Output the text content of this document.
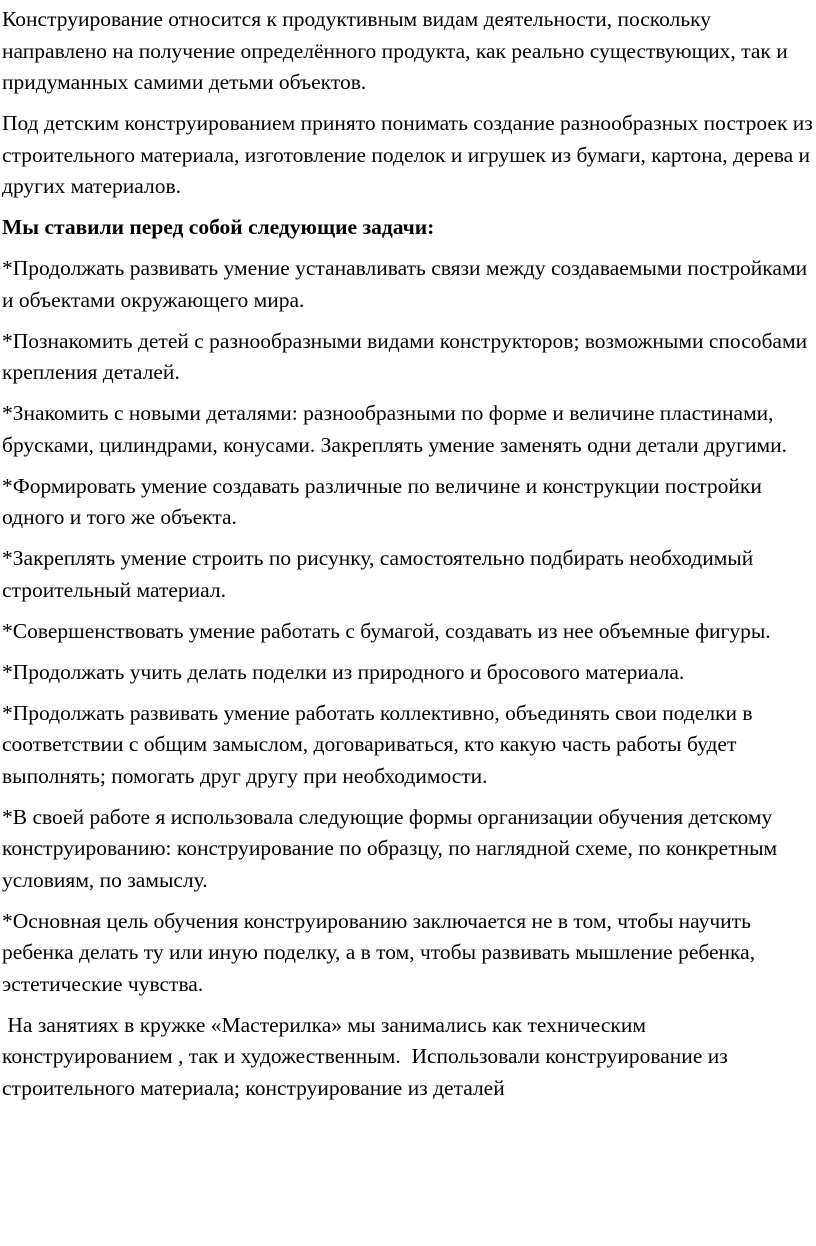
Конструирование относится к продуктивным видам деятельности, поскольку направлено на получение определённого продукта, как реально существующих, так и придуманных самими детьми объектов.

Под детским конструированием принято понимать создание разнообразных построек из строительного материала, изготовление поделок и игрушек из бумаги, картона, дерева и других материалов.

Мы ставили перед собой следующие задачи:

*Продолжать развивать умение устанавливать связи между создаваемыми постройками и объектами окружающего мира.

*Познакомить детей с разнообразными видами конструкторов; возможными способами крепления деталей.

*Знакомить с новыми деталями: разнообразными по форме и величине пластинами, брусками, цилиндрами, конусами. Закреплять умение заменять одни детали другими.

*Формировать умение создавать различные по величине и конструкции постройки одного и того же объекта.

*Закреплять умение строить по рисунку, самостоятельно подбирать необходимый строительный материал.

*Совершенствовать умение работать с бумагой, создавать из нее объемные фигуры.

*Продолжать учить делать поделки из природного и бросового материала.

*Продолжать развивать умение работать коллективно, объединять свои поделки в соответствии с общим замыслом, договариваться, кто какую часть работы будет выполнять; помогать друг другу при необходимости.

*В своей работе я использовала следующие формы организации обучения детскому конструированию: конструирование по образцу, по наглядной схеме, по конкретным условиям, по замыслу.

*Основная цель обучения конструированию заключается не в том, чтобы научить ребенка делать ту или иную поделку, а в том, чтобы развивать мышление ребенка, эстетические чувства.

На занятиях в кружке «Мастерилка» мы занимались как техническим конструированием , так и художественным.  Использовали конструирование из строительного материала; конструирование из деталей
